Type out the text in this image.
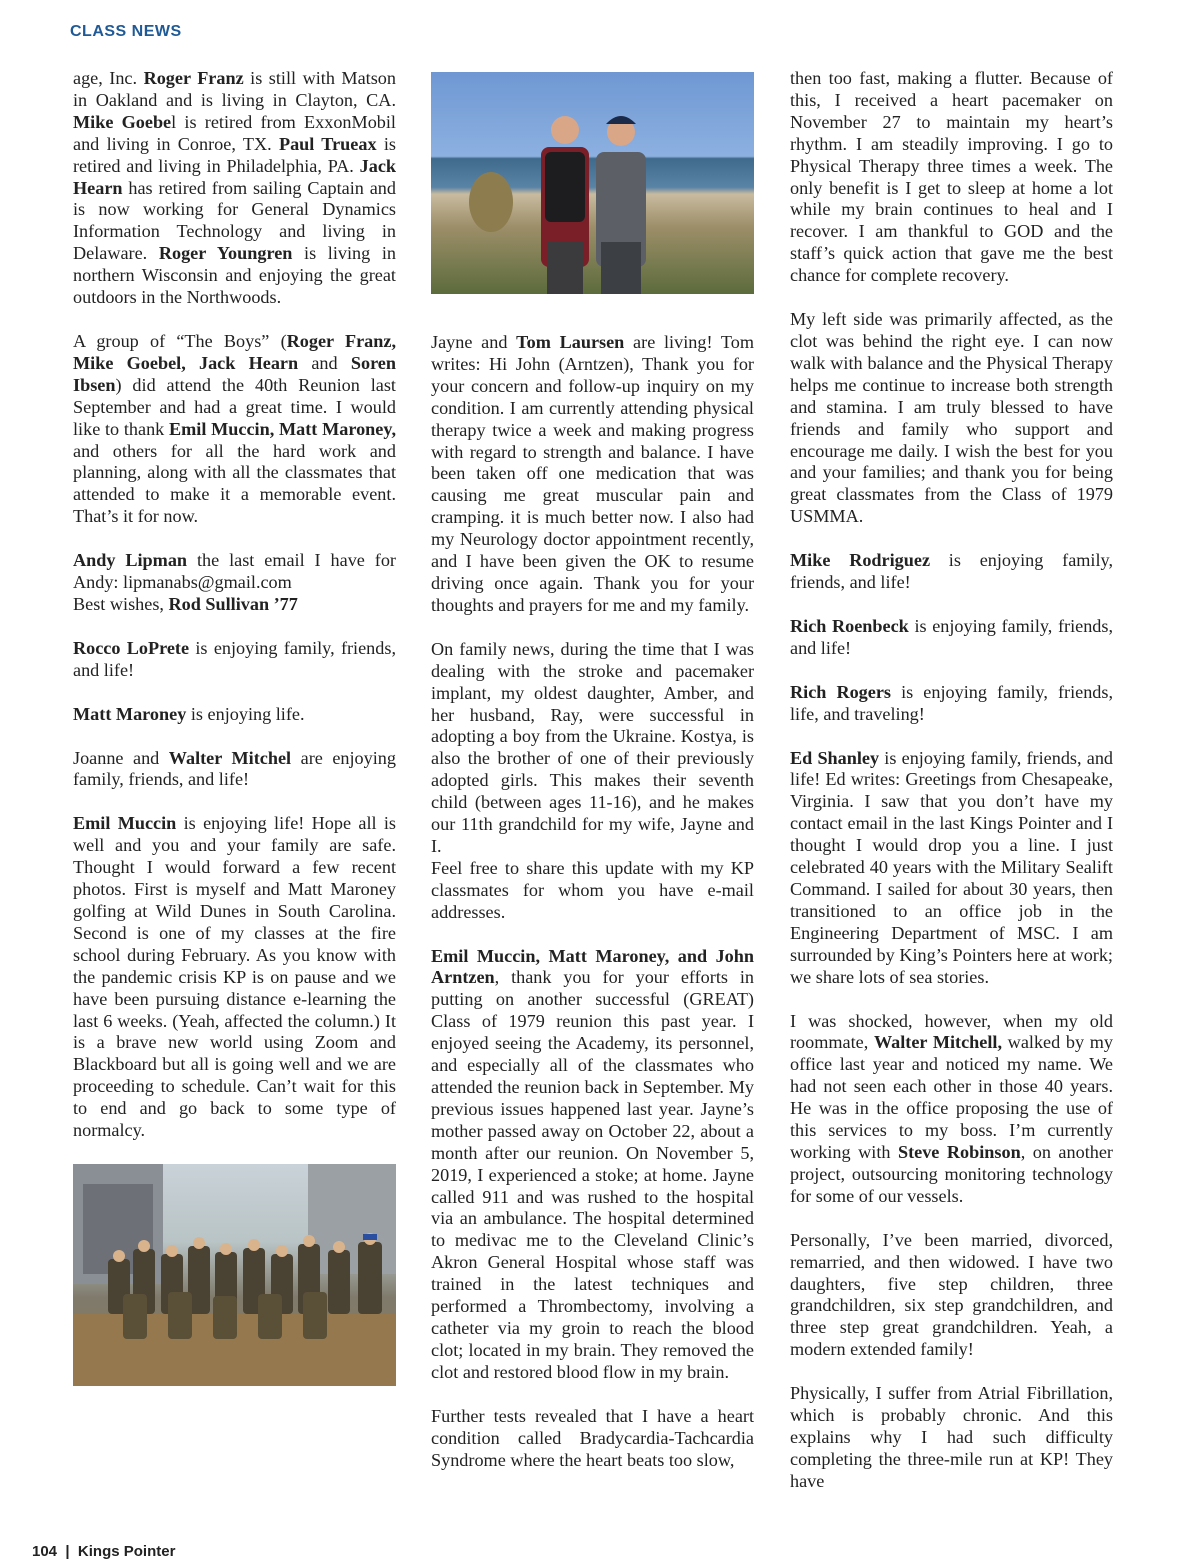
CLASS NEWS

age, Inc. Roger Franz is still with Matson in Oakland and is living in Clayton, CA. Mike Goebel is retired from ExxonMobil and living in Conroe, TX. Paul Trueax is retired and living in Philadelphia, PA. Jack Hearn has retired from sailing Captain and is now working for General Dynamics Information Technology and living in Delaware. Roger Youngren is living in northern Wisconsin and enjoying the great outdoors in the Northwoods.

A group of “The Boys” (Roger Franz, Mike Goebel, Jack Hearn and Soren Ibsen) did attend the 40th Reunion last September and had a great time. I would like to thank Emil Muccin, Matt Maroney, and others for all the hard work and planning, along with all the classmates that attended to make it a memorable event. That’s it for now.

Andy Lipman the last email I have for Andy: lipmanabs@gmail.com
Best wishes, Rod Sullivan ’77

Rocco LoPrete is enjoying family, friends, and life!

Matt Maroney is enjoying life.

Joanne and Walter Mitchel are enjoying family, friends, and life!

Emil Muccin is enjoying life! Hope all is well and you and your family are safe. Thought I would forward a few recent photos. First is myself and Matt Maroney golfing at Wild Dunes in South Carolina. Second is one of my classes at the fire school during February. As you know with the pandemic crisis KP is on pause and we have been pursuing distance e-learning the last 6 weeks. (Yeah, affected the column.) It is a brave new world using Zoom and Blackboard but all is going well and we are proceeding to schedule. Can’t wait for this to end and go back to some type of normalcy.

Jayne and Tom Laursen are living! Tom writes: Hi John (Arntzen), Thank you for your concern and follow-up inquiry on my condition. I am currently attending physical therapy twice a week and making progress with regard to strength and balance. I have been taken off one medication that was causing me great muscular pain and cramping. it is much better now. I also had my Neurology doctor appointment recently, and I have been given the OK to resume driving once again. Thank you for your thoughts and prayers for me and my family.

On family news, during the time that I was dealing with the stroke and pacemaker implant, my oldest daughter, Amber, and her husband, Ray, were successful in adopting a boy from the Ukraine. Kostya, is also the brother of one of their previously adopted girls. This makes their seventh child (between ages 11-16), and he makes our 11th grandchild for my wife, Jayne and I.
Feel free to share this update with my KP classmates for whom you have e-mail addresses.

Emil Muccin, Matt Maroney, and John Arntzen, thank you for your efforts in putting on another successful (GREAT) Class of 1979 reunion this past year. I enjoyed seeing the Academy, its personnel, and especially all of the classmates who attended the reunion back in September. My previous issues happened last year. Jayne’s mother passed away on October 22, about a month after our reunion. On November 5, 2019, I experienced a stoke; at home. Jayne called 911 and was rushed to the hospital via an ambulance. The hospital determined to medivac me to the Cleveland Clinic’s Akron General Hospital whose staff was trained in the latest techniques and performed a Thrombectomy, involving a catheter via my groin to reach the blood clot; located in my brain. They removed the clot and restored blood flow in my brain.

Further tests revealed that I have a heart condition called Bradycardia-Tachcardia Syndrome where the heart beats too slow,

then too fast, making a flutter. Because of this, I received a heart pacemaker on November 27 to maintain my heart’s rhythm. I am steadily improving. I go to Physical Therapy three times a week. The only benefit is I get to sleep at home a lot while my brain continues to heal and I recover. I am thankful to GOD and the staff’s quick action that gave me the best chance for complete recovery.

My left side was primarily affected, as the clot was behind the right eye. I can now walk with balance and the Physical Therapy helps me continue to increase both strength and stamina. I am truly blessed to have friends and family who support and encourage me daily. I wish the best for you and your families; and thank you for being great classmates from the Class of 1979 USMMA.

Mike Rodriguez is enjoying family, friends, and life!

Rich Roenbeck is enjoying family, friends, and life!

Rich Rogers is enjoying family, friends, life, and traveling!

Ed Shanley is enjoying family, friends, and life! Ed writes: Greetings from Chesapeake, Virginia. I saw that you don’t have my contact email in the last Kings Pointer and I thought I would drop you a line. I just celebrated 40 years with the Military Sealift Command. I sailed for about 30 years, then transitioned to an office job in the Engineering Department of MSC. I am surrounded by King’s Pointers here at work; we share lots of sea stories.

I was shocked, however, when my old roommate, Walter Mitchell, walked by my office last year and noticed my name. We had not seen each other in those 40 years. He was in the office proposing the use of this services to my boss. I’m currently working with Steve Robinson, on another project, outsourcing monitoring technology for some of our vessels.

Personally, I’ve been married, divorced, remarried, and then widowed. I have two daughters, five step children, three grandchildren, six step grandchildren, and three step great grandchildren. Yeah, a modern extended family!

Physically, I suffer from Atrial Fibrillation, which is probably chronic. And this explains why I had such difficulty completing the three-mile run at KP! They have

104 | Kings Pointer
